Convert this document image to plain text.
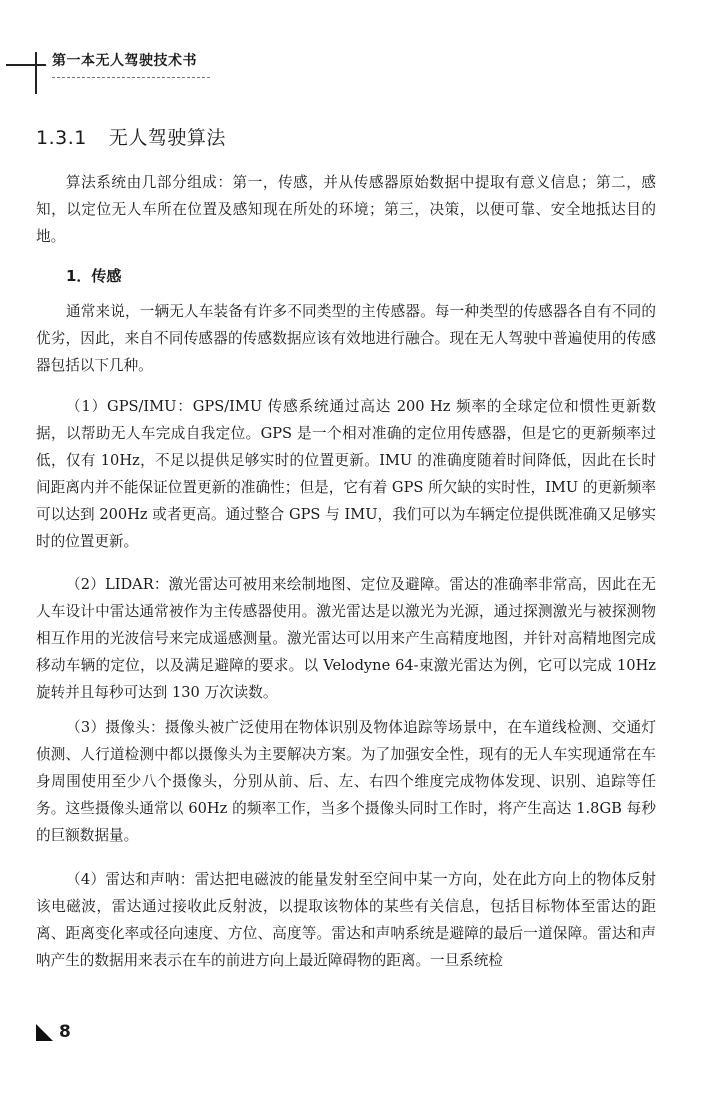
第一本无人驾驶技术书
1.3.1 无人驾驶算法

算法系统由几部分组成：第一，传感，并从传感器原始数据中提取有意义信息；第二，感知，以定位无人车所在位置及感知现在所处的环境；第三，决策，以便可靠、安全地抵达目的地。

1．传感

通常来说，一辆无人车装备有许多不同类型的主传感器。每一种类型的传感器各自有不同的优劣，因此，来自不同传感器的传感数据应该有效地进行融合。现在无人驾驶中普遍使用的传感器包括以下几种。

（1）GPS/IMU：GPS/IMU 传感系统通过高达 200 Hz 频率的全球定位和惯性更新数据，以帮助无人车完成自我定位。GPS 是一个相对准确的定位用传感器，但是它的更新频率过低，仅有 10Hz，不足以提供足够实时的位置更新。IMU 的准确度随着时间降低，因此在长时间距离内并不能保证位置更新的准确性；但是，它有着 GPS 所欠缺的实时性，IMU 的更新频率可以达到 200Hz 或者更高。通过整合 GPS 与 IMU，我们可以为车辆定位提供既准确又足够实时的位置更新。

（2）LIDAR：激光雷达可被用来绘制地图、定位及避障。雷达的准确率非常高，因此在无人车设计中雷达通常被作为主传感器使用。激光雷达是以激光为光源，通过探测激光与被探测物相互作用的光波信号来完成遥感测量。激光雷达可以用来产生高精度地图，并针对高精地图完成移动车辆的定位，以及满足避障的要求。以 Velodyne 64-束激光雷达为例，它可以完成 10Hz 旋转并且每秒可达到 130 万次读数。

（3）摄像头：摄像头被广泛使用在物体识别及物体追踪等场景中，在车道线检测、交通灯侦测、人行道检测中都以摄像头为主要解决方案。为了加强安全性，现有的无人车实现通常在车身周围使用至少八个摄像头，分别从前、后、左、右四个维度完成物体发现、识别、追踪等任务。这些摄像头通常以 60Hz 的频率工作，当多个摄像头同时工作时，将产生高达 1.8GB 每秒的巨额数据量。

（4）雷达和声呐：雷达把电磁波的能量发射至空间中某一方向，处在此方向上的物体反射该电磁波，雷达通过接收此反射波，以提取该物体的某些有关信息，包括目标物体至雷达的距离、距离变化率或径向速度、方位、高度等。雷达和声呐系统是避障的最后一道保障。雷达和声呐产生的数据用来表示在车的前进方向上最近障碍物的距离。一旦系统检

8
